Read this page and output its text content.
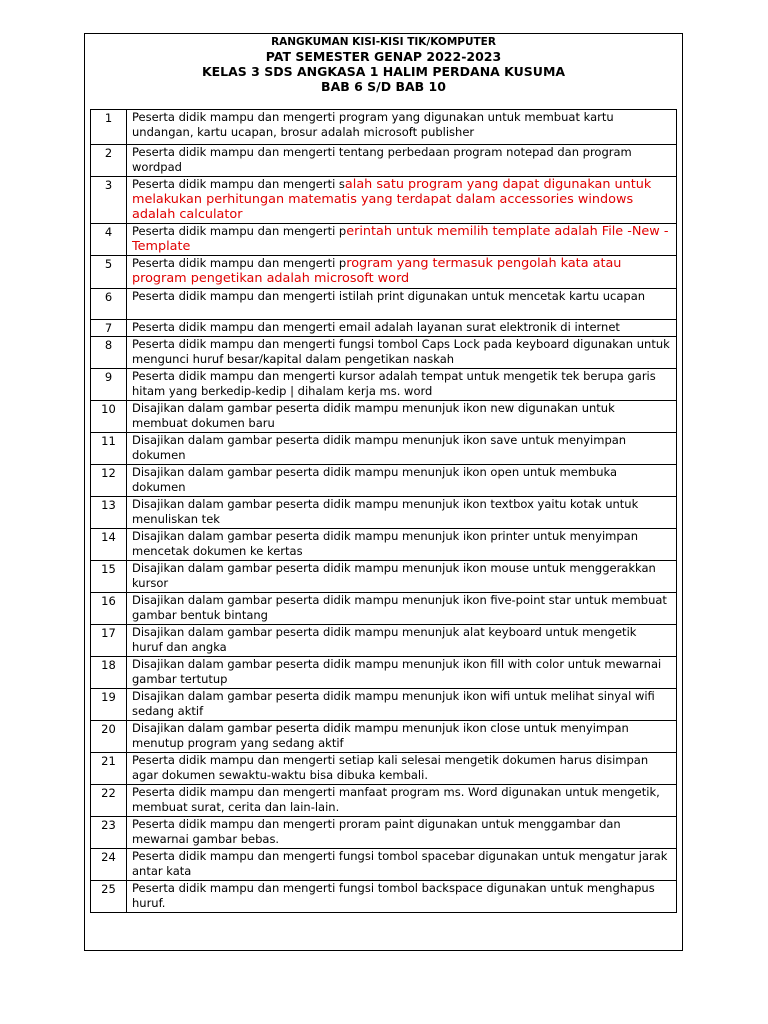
RANGKUMAN KISI-KISI TIK/KOMPUTER
PAT SEMESTER GENAP 2022-2023
KELAS 3 SDS ANGKASA 1 HALIM PERDANA KUSUMA
BAB 6 S/D BAB 10
1	Peserta didik mampu dan mengerti program yang digunakan untuk membuat kartu undangan, kartu ucapan, brosur adalah microsoft publisher
2	Peserta didik mampu dan mengerti tentang perbedaan program notepad dan program wordpad
3	Peserta didik mampu dan mengerti salah satu program yang dapat digunakan untuk melakukan perhitungan matematis yang terdapat dalam accessories windows adalah calculator
4	Peserta didik mampu dan mengerti perintah untuk memilih template adalah File -New - Template
5	Peserta didik mampu dan mengerti program yang termasuk pengolah kata atau program pengetikan adalah microsoft word
6	Peserta didik mampu dan mengerti istilah print digunakan untuk mencetak kartu ucapan
7	Peserta didik mampu dan mengerti email adalah layanan surat elektronik di internet
8	Peserta didik mampu dan mengerti fungsi tombol Caps Lock pada keyboard digunakan untuk mengunci huruf besar/kapital dalam pengetikan naskah
9	Peserta didik mampu dan mengerti kursor adalah tempat untuk mengetik tek berupa garis hitam yang berkedip-kedip | dihalam kerja ms. word
10	Disajikan dalam gambar peserta didik mampu menunjuk ikon new digunakan untuk membuat dokumen baru
11	Disajikan dalam gambar peserta didik mampu menunjuk ikon save untuk menyimpan dokumen
12	Disajikan dalam gambar peserta didik mampu menunjuk ikon open untuk membuka dokumen
13	Disajikan dalam gambar peserta didik mampu menunjuk ikon textbox yaitu kotak untuk menuliskan tek
14	Disajikan dalam gambar peserta didik mampu menunjuk ikon printer untuk menyimpan mencetak dokumen ke kertas
15	Disajikan dalam gambar peserta didik mampu menunjuk ikon mouse untuk menggerakkan kursor
16	Disajikan dalam gambar peserta didik mampu menunjuk ikon five-point star untuk membuat gambar bentuk bintang
17	Disajikan dalam gambar peserta didik mampu menunjuk alat keyboard untuk mengetik huruf dan angka
18	Disajikan dalam gambar peserta didik mampu menunjuk ikon fill with color untuk mewarnai gambar tertutup
19	Disajikan dalam gambar peserta didik mampu menunjuk ikon wifi untuk melihat sinyal wifi sedang aktif
20	Disajikan dalam gambar peserta didik mampu menunjuk ikon close untuk menyimpan menutup program yang sedang aktif
21	Peserta didik mampu dan mengerti setiap kali selesai mengetik dokumen harus disimpan agar dokumen sewaktu-waktu bisa dibuka kembali.
22	Peserta didik mampu dan mengerti manfaat program ms. Word digunakan untuk mengetik, membuat surat, cerita dan lain-lain.
23	Peserta didik mampu dan mengerti proram paint digunakan untuk menggambar dan mewarnai gambar bebas.
24	Peserta didik mampu dan mengerti fungsi tombol spacebar digunakan untuk mengatur jarak antar kata
25	Peserta didik mampu dan mengerti fungsi tombol backspace digunakan untuk menghapus huruf.
